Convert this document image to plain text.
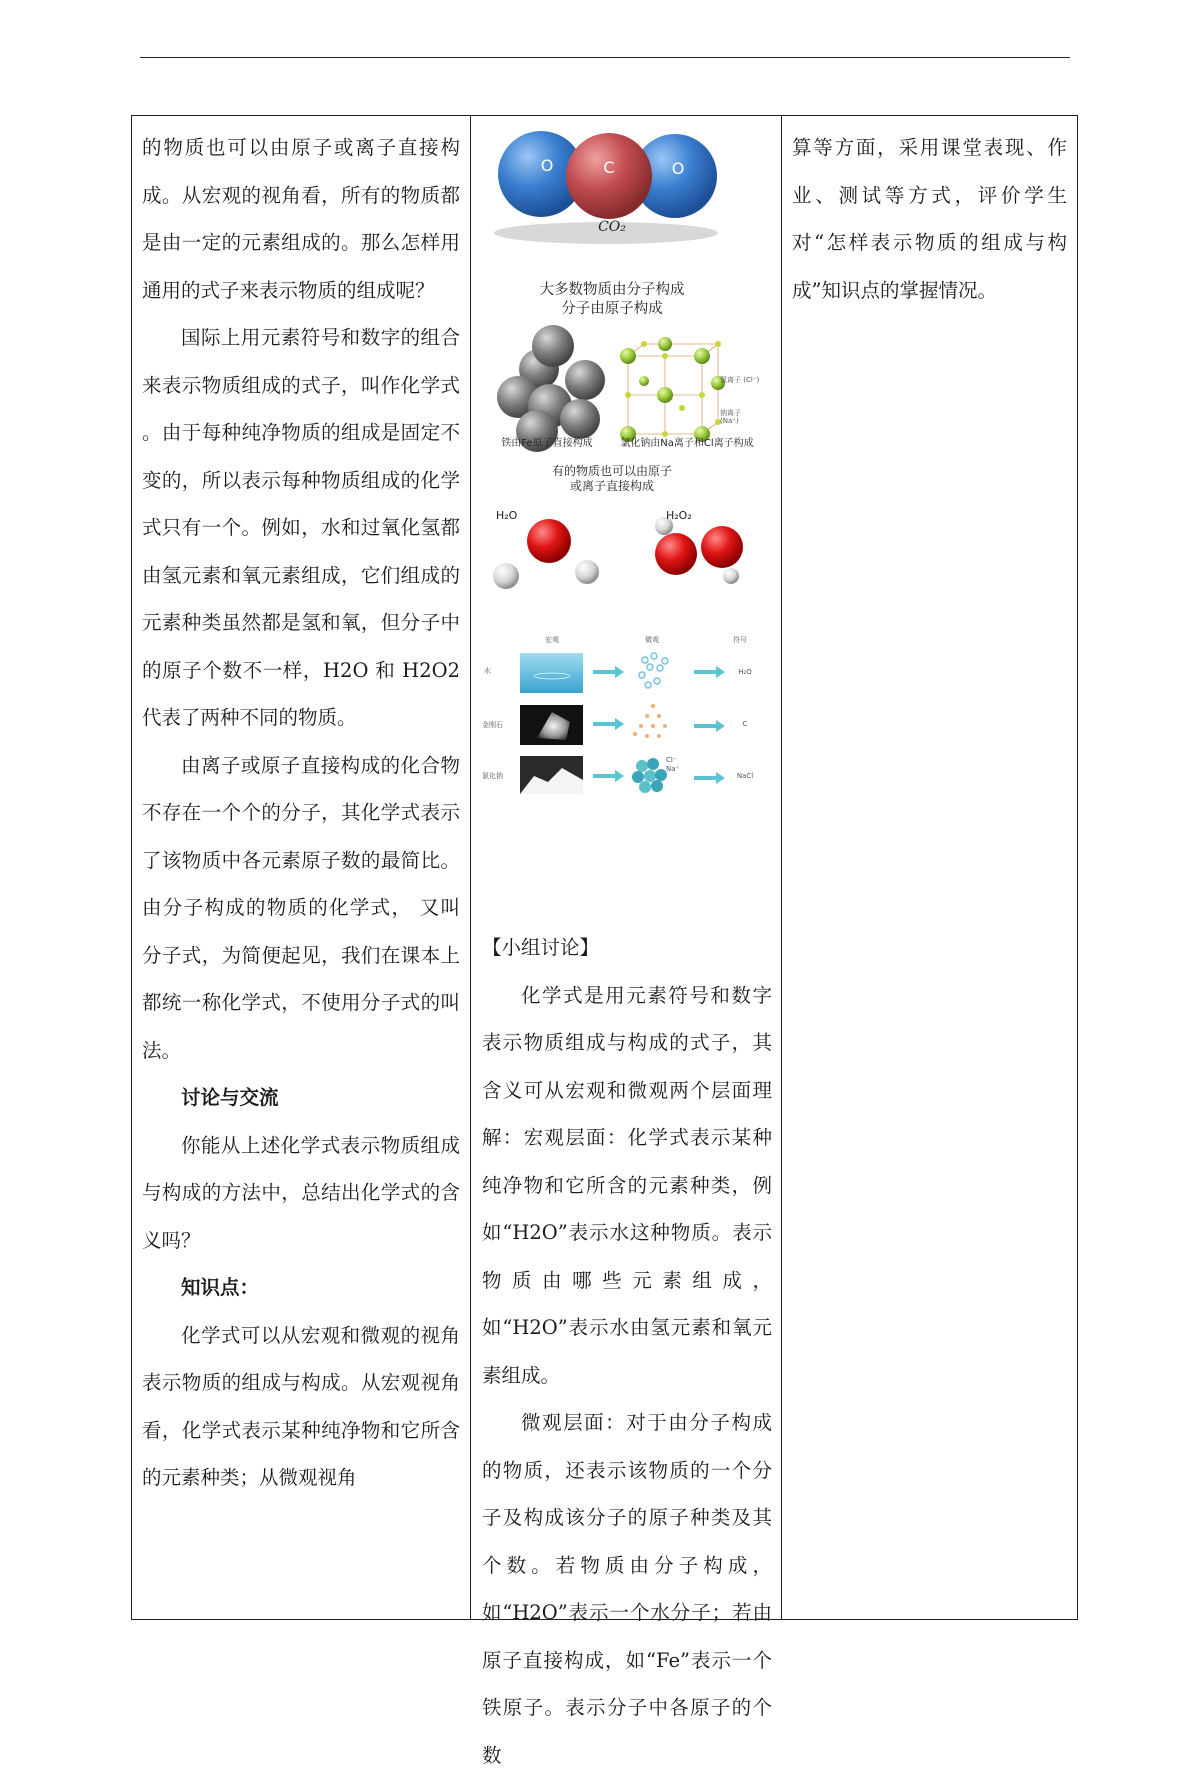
的物质也可以由原子或离子直接构成。从宏观的视角看，所有的物质都是由一定的元素组成的。那么怎样用通用的式子来表示物质的组成呢？

国际上用元素符号和数字的组合来表示物质组成的式子，叫作化学式 。由于每种纯净物质的组成是固定不变的，所以表示每种物质组成的化学式只有一个。例如，水和过氧化氢都由氢元素和氧元素组成，它们组成的元素种类虽然都是氢和氧，但分子中的原子个数不一样，H2O 和 H2O2 代表了两种不同的物质。

由离子或原子直接构成的化合物不存在一个个的分子，其化学式表示了该物质中各元素原子数的最简比。由分子构成的物质的化学式， 又叫分子式，为简便起见，我们在课本上都统一称化学式，不使用分子式的叫法。

讨论与交流

你能从上述化学式表示物质组成与构成的方法中，总结出化学式的含义吗？

知识点：

化学式可以从宏观和微观的视角表示物质的组成与构成。从宏观视角看，化学式表示某种纯净物和它所含的元素种类；从微观视角

O	C	O
CO₂
大多数物质由分子构成
分子由原子构成
氯离子 (Cl⁻)
钠离子 (Na⁺)
铁由Fe原子直接构成	氯化钠由Na离子和Cl离子构成
有的物质也可以由原子
或离子直接构成
H₂O	H₂O₂
宏观	微观	符号
水
金刚石
氯化钠
H₂O
C
NaCl
Cl⁻
Na⁺

【小组讨论】

化学式是用元素符号和数字表示物质组成与构成的式子，其含义可从宏观和微观两个层面理解：宏观层面：化学式表示某种纯净物和它所含的元素种类，例如“H2O”表示水这种物质。表示物质由哪些元素组成，如“H2O”表示水由氢元素和氧元素组成。

微观层面：对于由分子构成的物质，还表示该物质的一个分子及构成该分子的原子种类及其个数。若物质由分子构成，如“H2O”表示一个水分子；若由原子直接构成，如“Fe”表示一个铁原子。表示分子中各原子的个数

算等方面，采用课堂表现、作业、测试等方式，评价学生对“怎样表示物质的组成与构成”知识点的掌握情况。
